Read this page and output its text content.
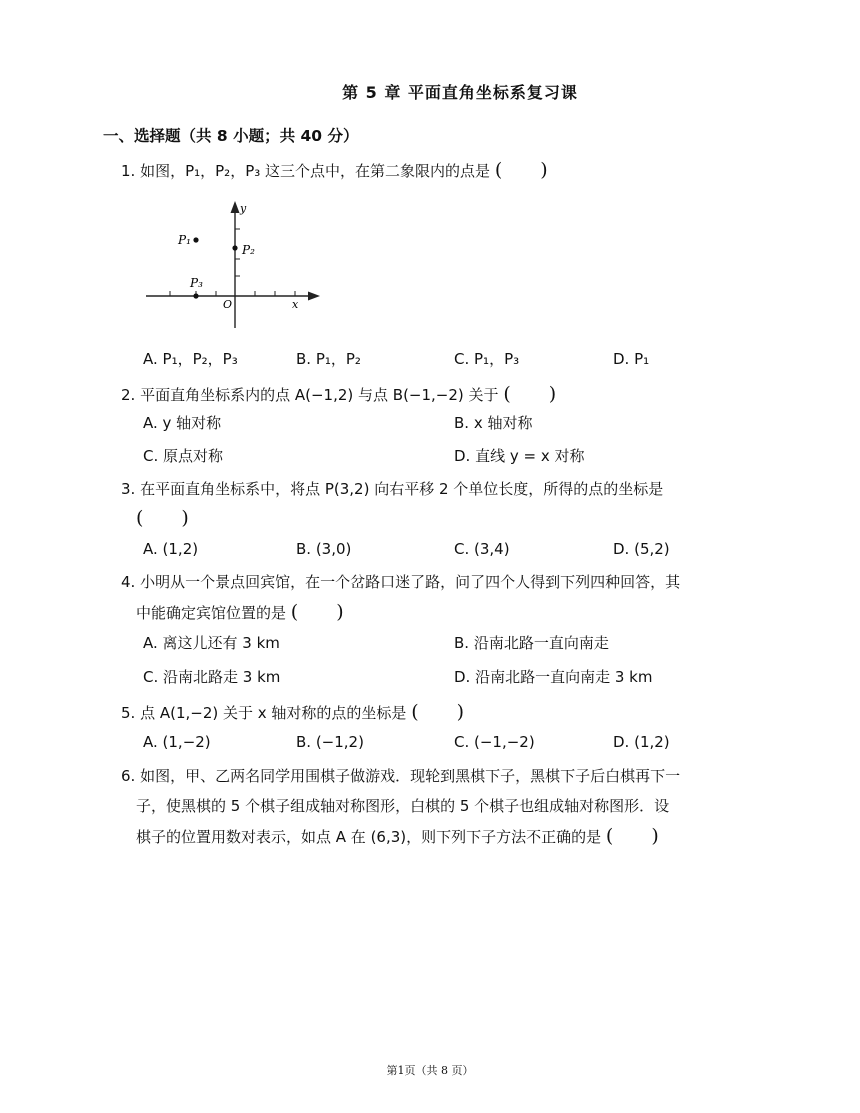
第 5 章 平面直角坐标系复习课
一、选择题（共 8 小题；共 40 分）
1. 如图，P₁，P₂，P₃ 这三个点中，在第二象限内的点是 (　　)
y
x
O
P₁
P₂
P₃
A. P₁，P₂，P₃	B. P₁，P₂	C. P₁，P₃	D. P₁
2. 平面直角坐标系内的点 A(−1,2) 与点 B(−1,−2) 关于 (　　)
A. y 轴对称	B. x 轴对称
C. 原点对称	D. 直线 y = x 对称
3. 在平面直角坐标系中，将点 P(3,2) 向右平移 2 个单位长度，所得的点的坐标是
(　　)
A. (1,2)	B. (3,0)	C. (3,4)	D. (5,2)
4. 小明从一个景点回宾馆，在一个岔路口迷了路，问了四个人得到下列四种回答，其
中能确定宾馆位置的是 (　　)
A. 离这儿还有 3 km	B. 沿南北路一直向南走
C. 沿南北路走 3 km	D. 沿南北路一直向南走 3 km
5. 点 A(1,−2) 关于 x 轴对称的点的坐标是 (　　)
A. (1,−2)	B. (−1,2)	C. (−1,−2)	D. (1,2)
6. 如图，甲、乙两名同学用围棋子做游戏．现轮到黑棋下子，黑棋下子后白棋再下一
子，使黑棋的 5 个棋子组成轴对称图形，白棋的 5 个棋子也组成轴对称图形．设
棋子的位置用数对表示，如点 A 在 (6,3)，则下列下子方法不正确的是 (　　)
第1页（共 8 页）
